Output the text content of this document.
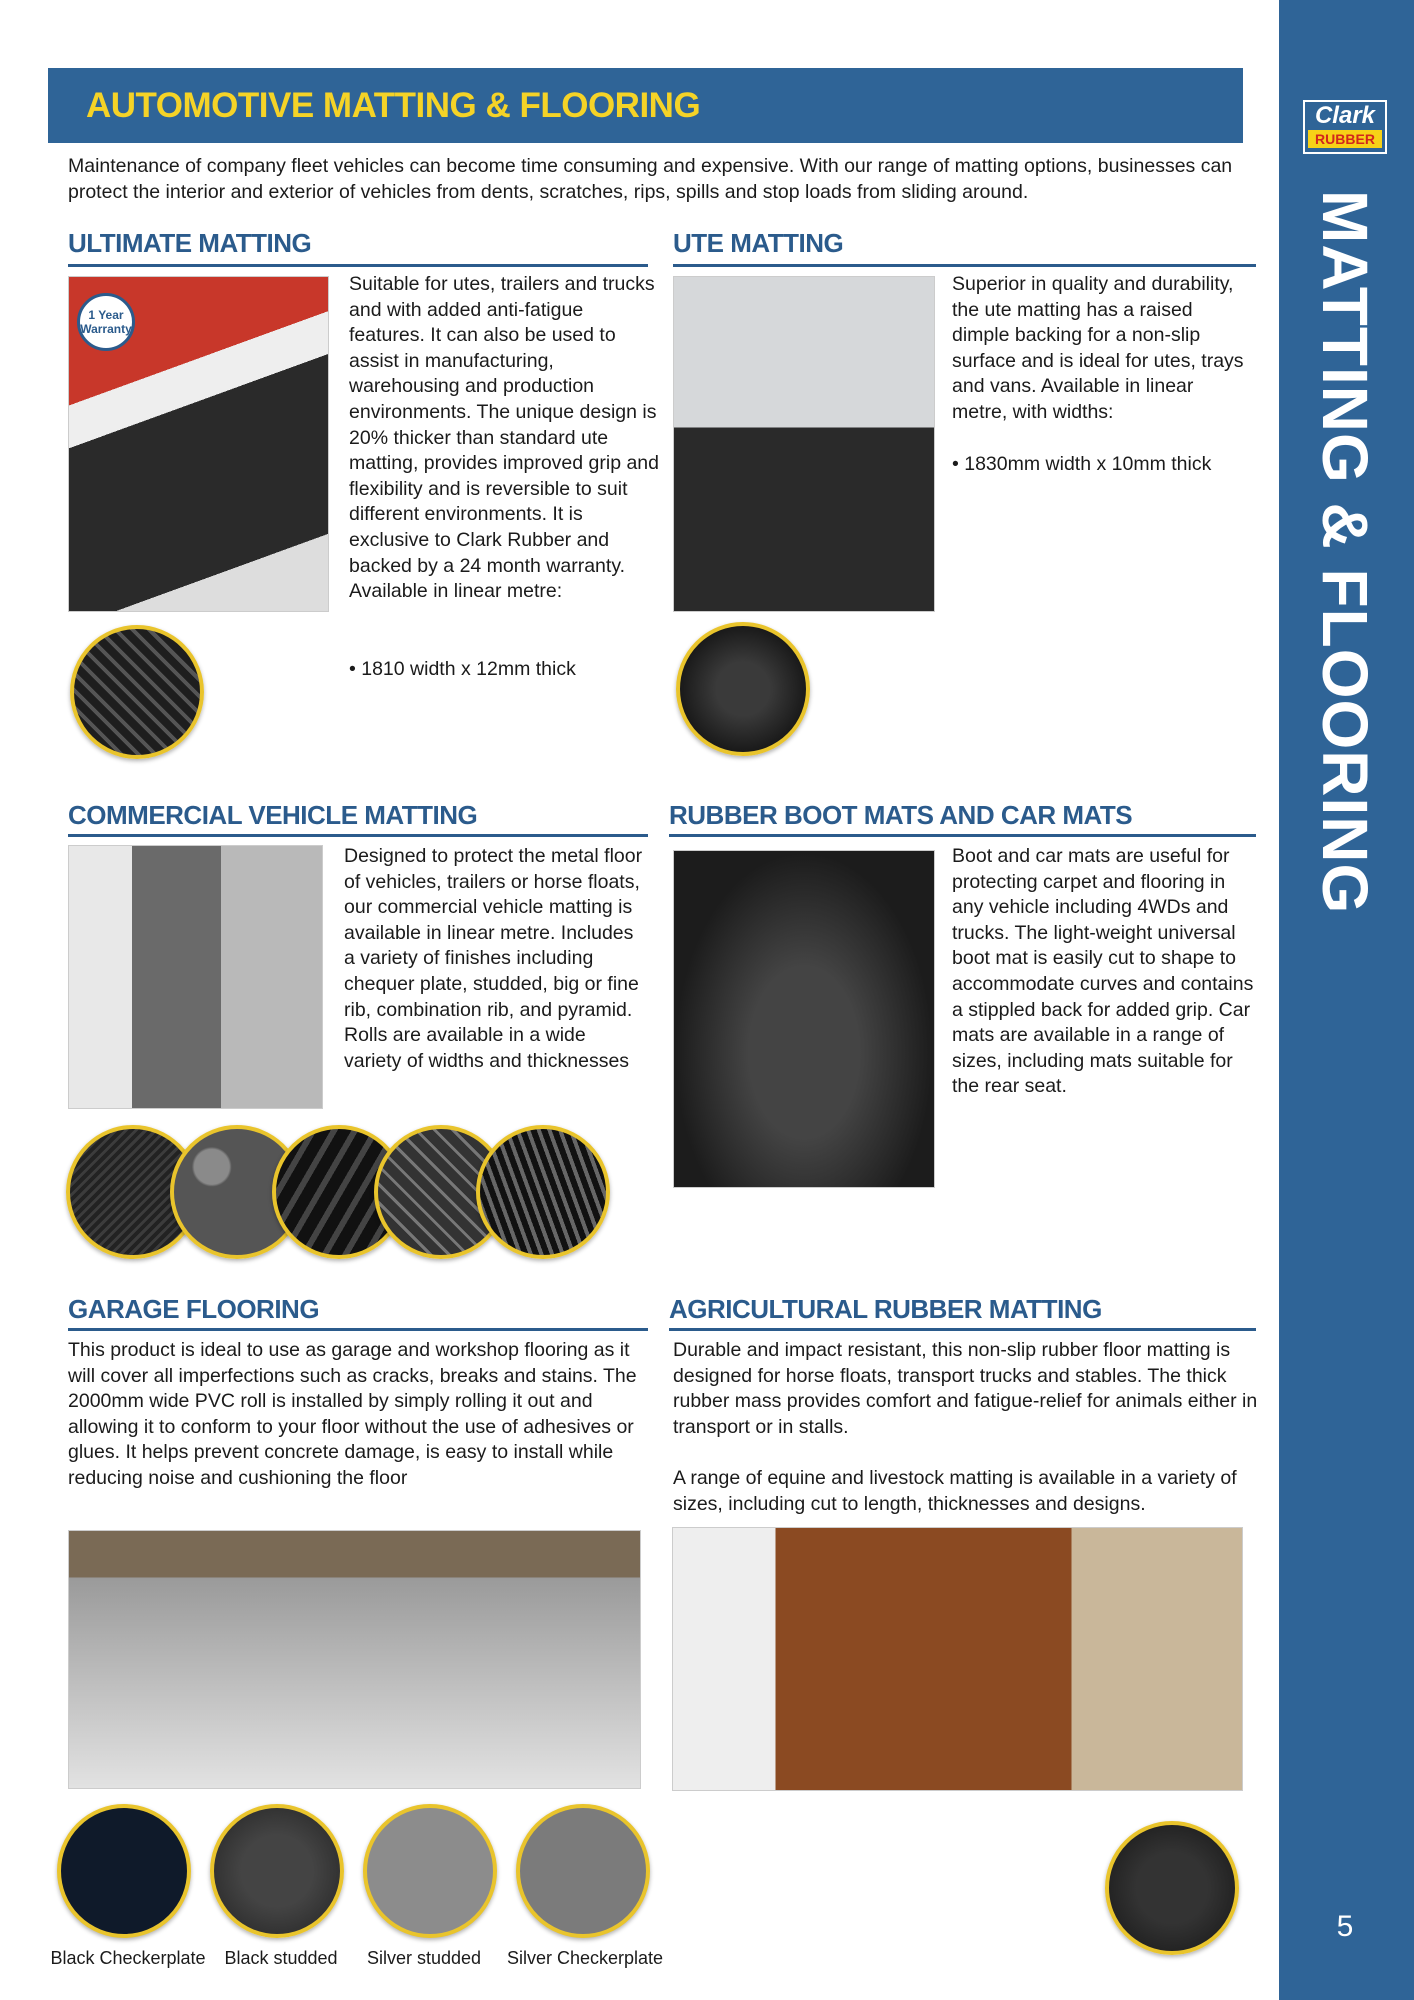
Clark
RUBBER
MATTING & FLOORING
5
AUTOMOTIVE MATTING & FLOORING

Maintenance of company fleet vehicles can become time consuming and expensive. With our range of matting options, businesses can protect the interior and exterior of vehicles from dents, scratches, rips, spills and stop loads from sliding around.

ULTIMATE MATTING
1 Year Warranty

Suitable for utes, trailers and trucks and with added anti-fatigue features. It can also be used to assist in manufacturing, warehousing and production environments. The unique design is 20% thicker than standard ute matting, provides improved grip and flexibility and is reversible to suit different environments. It is exclusive to Clark Rubber and backed by a 24 month warranty. Available in linear metre:

• 1810 width x 12mm thick

UTE MATTING

Superior in quality and durability, the ute matting has a raised dimple backing for a non-slip surface and is ideal for utes, trays and vans. Available in linear metre, with widths:

• 1830mm width x 10mm thick

COMMERCIAL VEHICLE MATTING

Designed to protect the metal floor of vehicles, trailers or horse floats, our commercial vehicle matting is available in linear metre. Includes a variety of finishes including chequer plate, studded, big or fine rib, combination rib, and pyramid. Rolls are available in a wide variety of widths and thicknesses

RUBBER BOOT MATS AND CAR MATS

Boot and car mats are useful for protecting carpet and flooring in any vehicle including 4WDs and trucks. The light-weight universal boot mat is easily cut to shape to accommodate curves and contains a stippled back for added grip. Car mats are available in a range of sizes, including mats suitable for the rear seat.

GARAGE FLOORING

This product is ideal to use as garage and workshop flooring as it will cover all imperfections such as cracks, breaks and stains. The 2000mm wide PVC roll is installed by simply rolling it out and allowing it to conform to your floor without the use of adhesives or glues. It helps prevent concrete damage, is easy to install while reducing noise and cushioning the floor

Black Checkerplate	Black studded	Silver studded	Silver Checkerplate
AGRICULTURAL RUBBER MATTING

Durable and impact resistant, this non-slip rubber floor matting is designed for horse floats, transport trucks and stables. The thick rubber mass provides comfort and fatigue-relief for animals either in transport or in stalls.

A range of equine and livestock matting is available in a variety of sizes, including cut to length, thicknesses and designs.
